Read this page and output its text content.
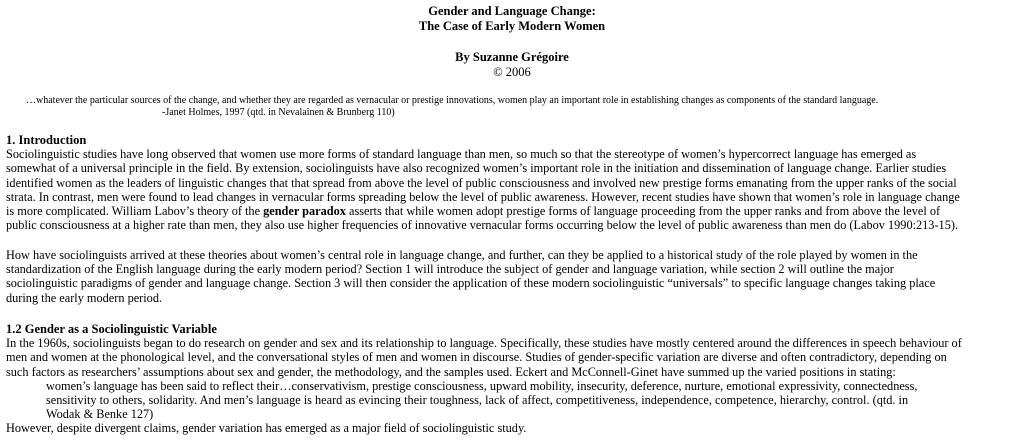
Gender and Language Change:
The Case of Early Modern Women
By Suzanne Grégoire
© 2006
…whatever the particular sources of the change, and whether they are regarded as vernacular or prestige innovations, women play an important role in establishing changes as components of the standard language.
-Janet Holmes, 1997 (qtd. in Nevalainen & Brunberg 110)
1. Introduction
Sociolinguistic studies have long observed that women use more forms of standard language than men, so much so that the stereotype of women’s hypercorrect language has emerged as
somewhat of a universal principle in the field. By extension, sociolinguists have also recognized women’s important role in the initiation and dissemination of language change. Earlier studies
identified women as the leaders of linguistic changes that that spread from above the level of public consciousness and involved new prestige forms emanating from the upper ranks of the social
strata. In contrast, men were found to lead changes in vernacular forms spreading below the level of public awareness. However, recent studies have shown that women’s role in language change
is more complicated. William Labov’s theory of the gender paradox asserts that while women adopt prestige forms of language proceeding from the upper ranks and from above the level of
public consciousness at a higher rate than men, they also use higher frequencies of innovative vernacular forms occurring below the level of public awareness than men do (Labov 1990:213-15).
How have sociolinguists arrived at these theories about women’s central role in language change, and further, can they be applied to a historical study of the role played by women in the
standardization of the English language during the early modern period? Section 1 will introduce the subject of gender and language variation, while section 2 will outline the major
sociolinguistic paradigms of gender and language change. Section 3 will then consider the application of these modern sociolinguistic “universals” to specific language changes taking place
during the early modern period.
1.2 Gender as a Sociolinguistic Variable
In the 1960s, sociolinguists began to do research on gender and sex and its relationship to language. Specifically, these studies have mostly centered around the differences in speech behaviour of
men and women at the phonological level, and the conversational styles of men and women in discourse. Studies of gender-specific variation are diverse and often contradictory, depending on
such factors as researchers’ assumptions about sex and gender, the methodology, and the samples used. Eckert and McConnell-Ginet have summed up the varied positions in stating:
women’s language has been said to reflect their…conservativism, prestige consciousness, upward mobility, insecurity, deference, nurture, emotional expressivity, connectedness,
sensitivity to others, solidarity. And men’s language is heard as evincing their toughness, lack of affect, competitiveness, independence, competence, hierarchy, control. (qtd. in
Wodak & Benke 127)
However, despite divergent claims, gender variation has emerged as a major field of sociolinguistic study.
